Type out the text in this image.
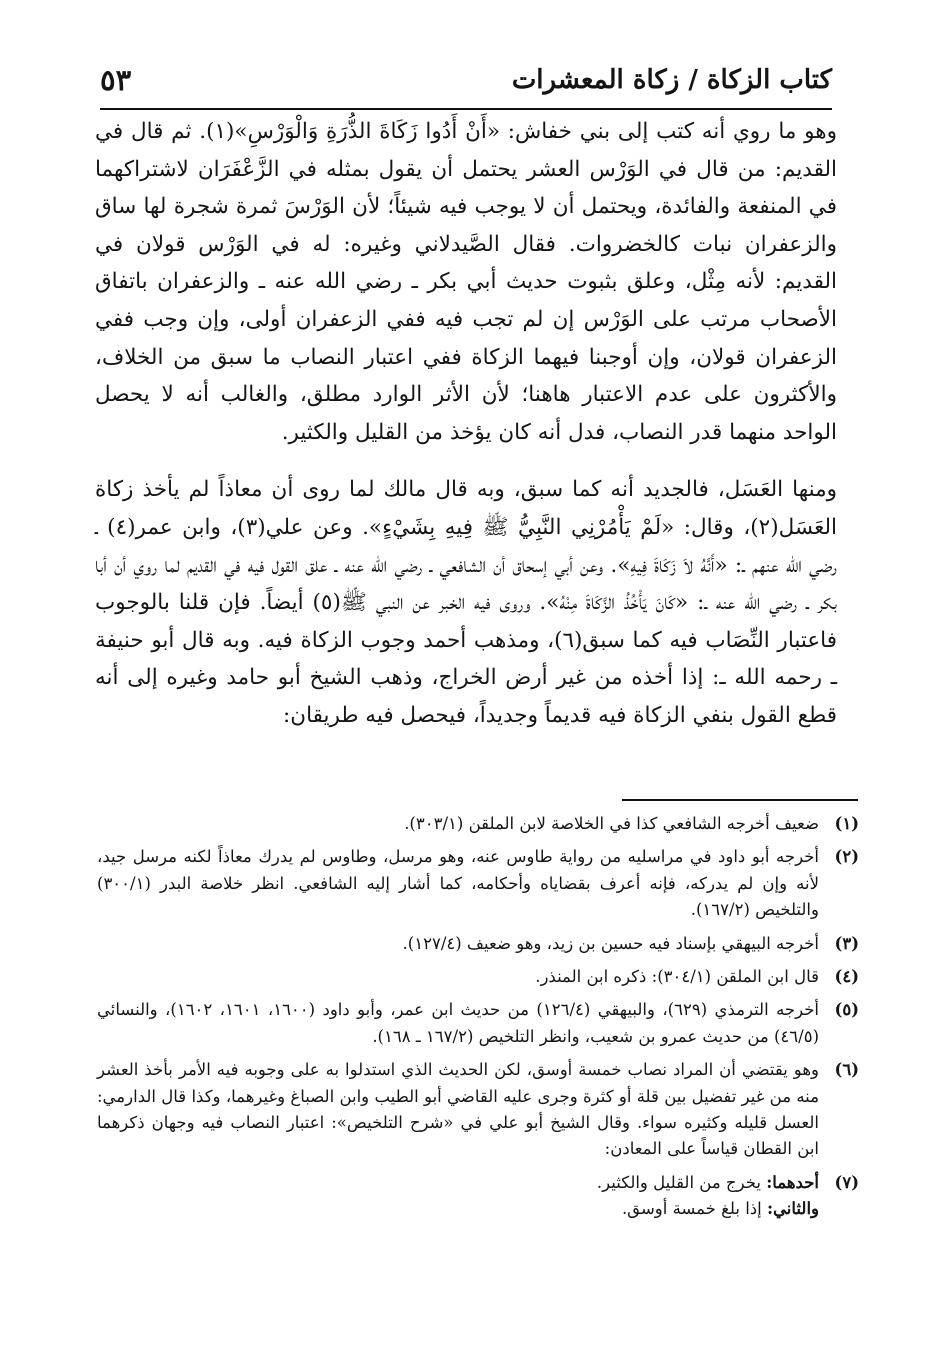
٥٣	كتاب الزكاة / زكاة المعشرات

وهو ما روي أنه كتب إلى بني خفاش: «أَنْ أَدُوا زَكَاةَ الذُّرَةِ وَالْوَرْسِ»(١). ثم قال في القديم: من قال في الوَرْس العشر يحتمل أن يقول بمثله في الزَّعْفَرَان لاشتراكهما في المنفعة والفائدة، ويحتمل أن لا يوجب فيه شيئاً؛ لأن الوَرْسَ ثمرة شجرة لها ساق والزعفران نبات كالخضروات. فقال الصَّيدلاني وغيره: له في الوَرْس قولان في القديم: لأنه مِثْل، وعلق بثبوت حديث أبي بكر ـ رضي الله عنه ـ والزعفران باتفاق الأصحاب مرتب على الوَرْس إن لم تجب فيه ففي الزعفران أولى، وإن وجب ففي الزعفران قولان، وإن أوجبنا فيهما الزكاة ففي اعتبار النصاب ما سبق من الخلاف، والأكثرون على عدم الاعتبار هاهنا؛ لأن الأثر الوارد مطلق، والغالب أنه لا يحصل الواحد منهما قدر النصاب، فدل أنه كان يؤخذ من القليل والكثير.

ومنها العَسَل، فالجديد أنه كما سبق، وبه قال مالك لما روى أن معاذاً لم يأخذ زكاة العَسَل(٢)، وقال: «لَمْ يَأْمُرْنِي النَّبِيُّ ﷺ فِيهِ بِشَيْءٍ». وعن علي(٣)، وابن عمر(٤) ـ رضي الله عنهم ـ: «أَنَّهُ لاَ زَكَاةَ فِيهِ». وعن أبي إسحاق أن الشافعي ـ رضي الله عنه ـ علق القول فيه في القديم لما روي أن أبا بكر ـ رضي الله عنه ـ: «كَانَ يَأْخُذُ الزَّكَاةَ مِنْهُ». وروى فيه الخبر عن النبي ﷺ(٥) أيضاً. فإن قلنا بالوجوب فاعتبار النِّصَاب فيه كما سبق(٦)، ومذهب أحمد وجوب الزكاة فيه. وبه قال أبو حنيفة ـ رحمه الله ـ: إذا أخذه من غير أرض الخراج، وذهب الشيخ أبو حامد وغيره إلى أنه قطع القول بنفي الزكاة فيه قديماً وجديداً، فيحصل فيه طريقان:

(١)
ضعيف أخرجه الشافعي كذا في الخلاصة لابن الملقن (٣٠٣/١).
(٢)
أخرجه أبو داود في مراسليه من رواية طاوس عنه، وهو مرسل، وطاوس لم يدرك معاذاً لكنه مرسل جيد، لأنه وإن لم يدركه، فإنه أعرف بقضاياه وأحكامه، كما أشار إليه الشافعي. انظر خلاصة البدر (٣٠٠/١) والتلخيص (١٦٧/٢).
(٣)
أخرجه البيهقي بإسناد فيه حسين بن زيد، وهو ضعيف (١٢٧/٤).
(٤)
قال ابن الملقن (٣٠٤/١): ذكره ابن المنذر.
(٥)
أخرجه الترمذي (٦٢٩)، والبيهقي (١٢٦/٤) من حديث ابن عمر، وأبو داود (١٦٠٠، ١٦٠١، ١٦٠٢)، والنسائي (٤٦/٥) من حديث عمرو بن شعيب، وانظر التلخيص (١٦٧/٢ ـ ١٦٨).
(٦)
وهو يقتضي أن المراد نصاب خمسة أوسق، لكن الحديث الذي استدلوا به على وجوبه فيه الأمر بأخذ العشر منه من غير تفضيل بين قلة أو كثرة وجرى عليه القاضي أبو الطيب وابن الصباغ وغيرهما، وكذا قال الدارمي: العسل قليله وكثيره سواء. وقال الشيخ أبو علي في «شرح التلخيص»: اعتبار النصاب فيه وجهان ذكرهما ابن القطان قياساً على المعادن:
(٧)
أحدهما: يخرج من القليل والكثير.
والثاني: إذا بلغ خمسة أوسق.
